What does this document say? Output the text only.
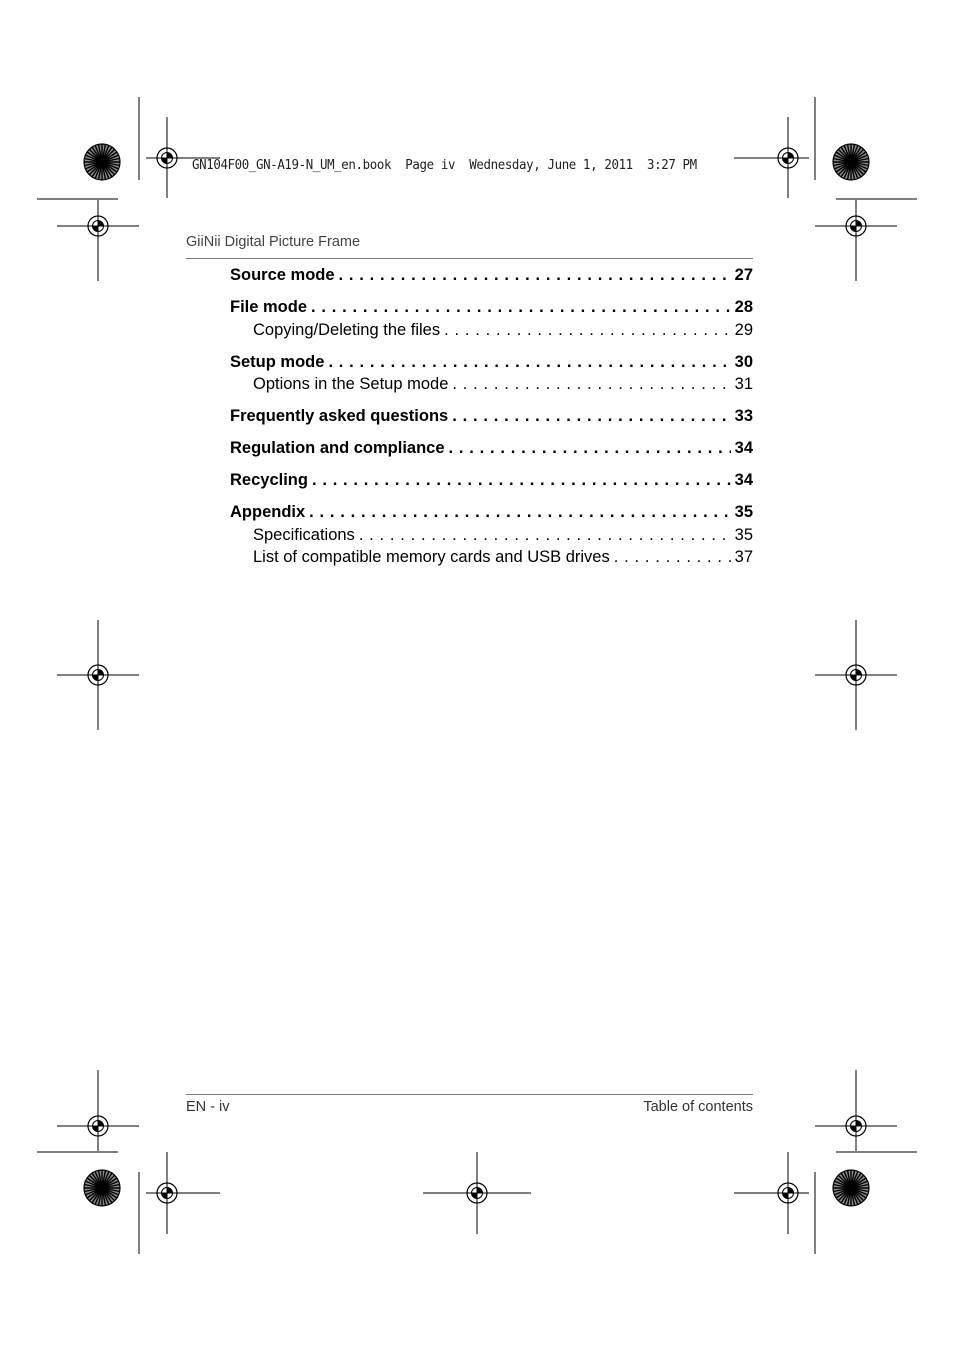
GN104F00_GN-A19-N_UM_en.book  Page iv  Wednesday, June 1, 2011  3:27 PM
GiiNii Digital Picture Frame
Source mode . . .	27
File mode . . .	28
Copying/Deleting the files . . .	29
Setup mode . . .	30
Options in the Setup mode . . .	31
Frequently asked questions . . .	33
Regulation and compliance . . .	34
Recycling . . .	34
Appendix . . .	35
Specifications . . .	35
List of compatible memory cards and USB drives . . .	37
EN - iv	Table of contents
